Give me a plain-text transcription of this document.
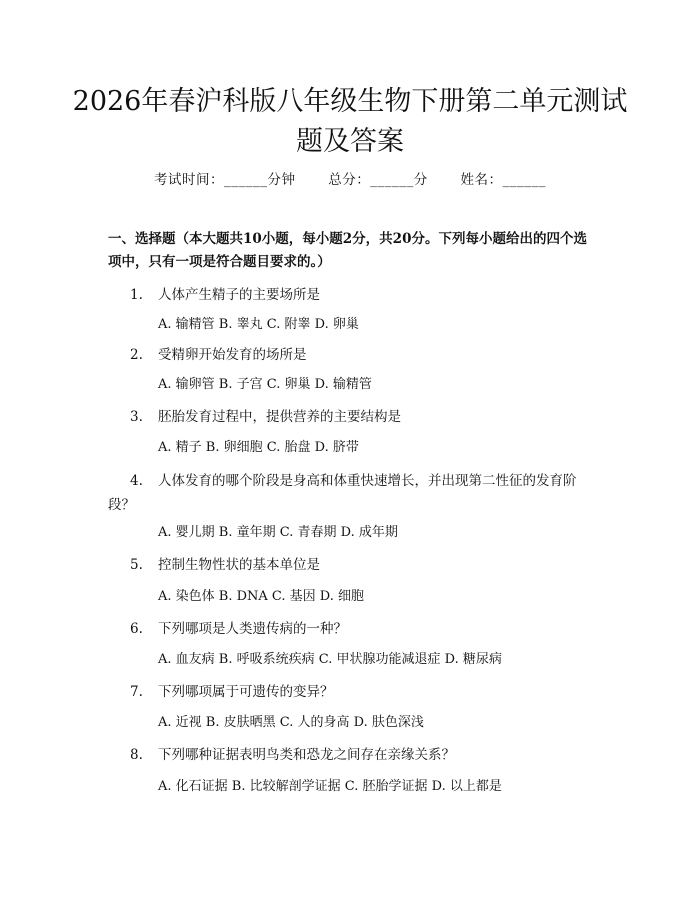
2026年春沪科版八年级生物下册第二单元测试题及答案
考试时间：______分钟 总分：______分 姓名：______

一、选择题（本大题共10小题，每小题2分，共20分。下列每小题给出的四个选项中，只有一项是符合题目要求的。）

1. 人体产生精子的主要场所是
A. 输精管 B. 睾丸 C. 附睾 D. 卵巢
2. 受精卵开始发育的场所是
A. 输卵管 B. 子宫 C. 卵巢 D. 输精管
3. 胚胎发育过程中，提供营养的主要结构是
A. 精子 B. 卵细胞 C. 胎盘 D. 脐带
4. 人体发育的哪个阶段是身高和体重快速增长，并出现第二性征的发育阶段？
A. 婴儿期 B. 童年期 C. 青春期 D. 成年期
5. 控制生物性状的基本单位是
A. 染色体 B. DNA C. 基因 D. 细胞
6. 下列哪项是人类遗传病的一种？
A. 血友病 B. 呼吸系统疾病 C. 甲状腺功能减退症 D. 糖尿病
7. 下列哪项属于可遗传的变异？
A. 近视 B. 皮肤晒黑 C. 人的身高 D. 肤色深浅
8. 下列哪种证据表明鸟类和恐龙之间存在亲缘关系？
A. 化石证据 B. 比较解剖学证据 C. 胚胎学证据 D. 以上都是
